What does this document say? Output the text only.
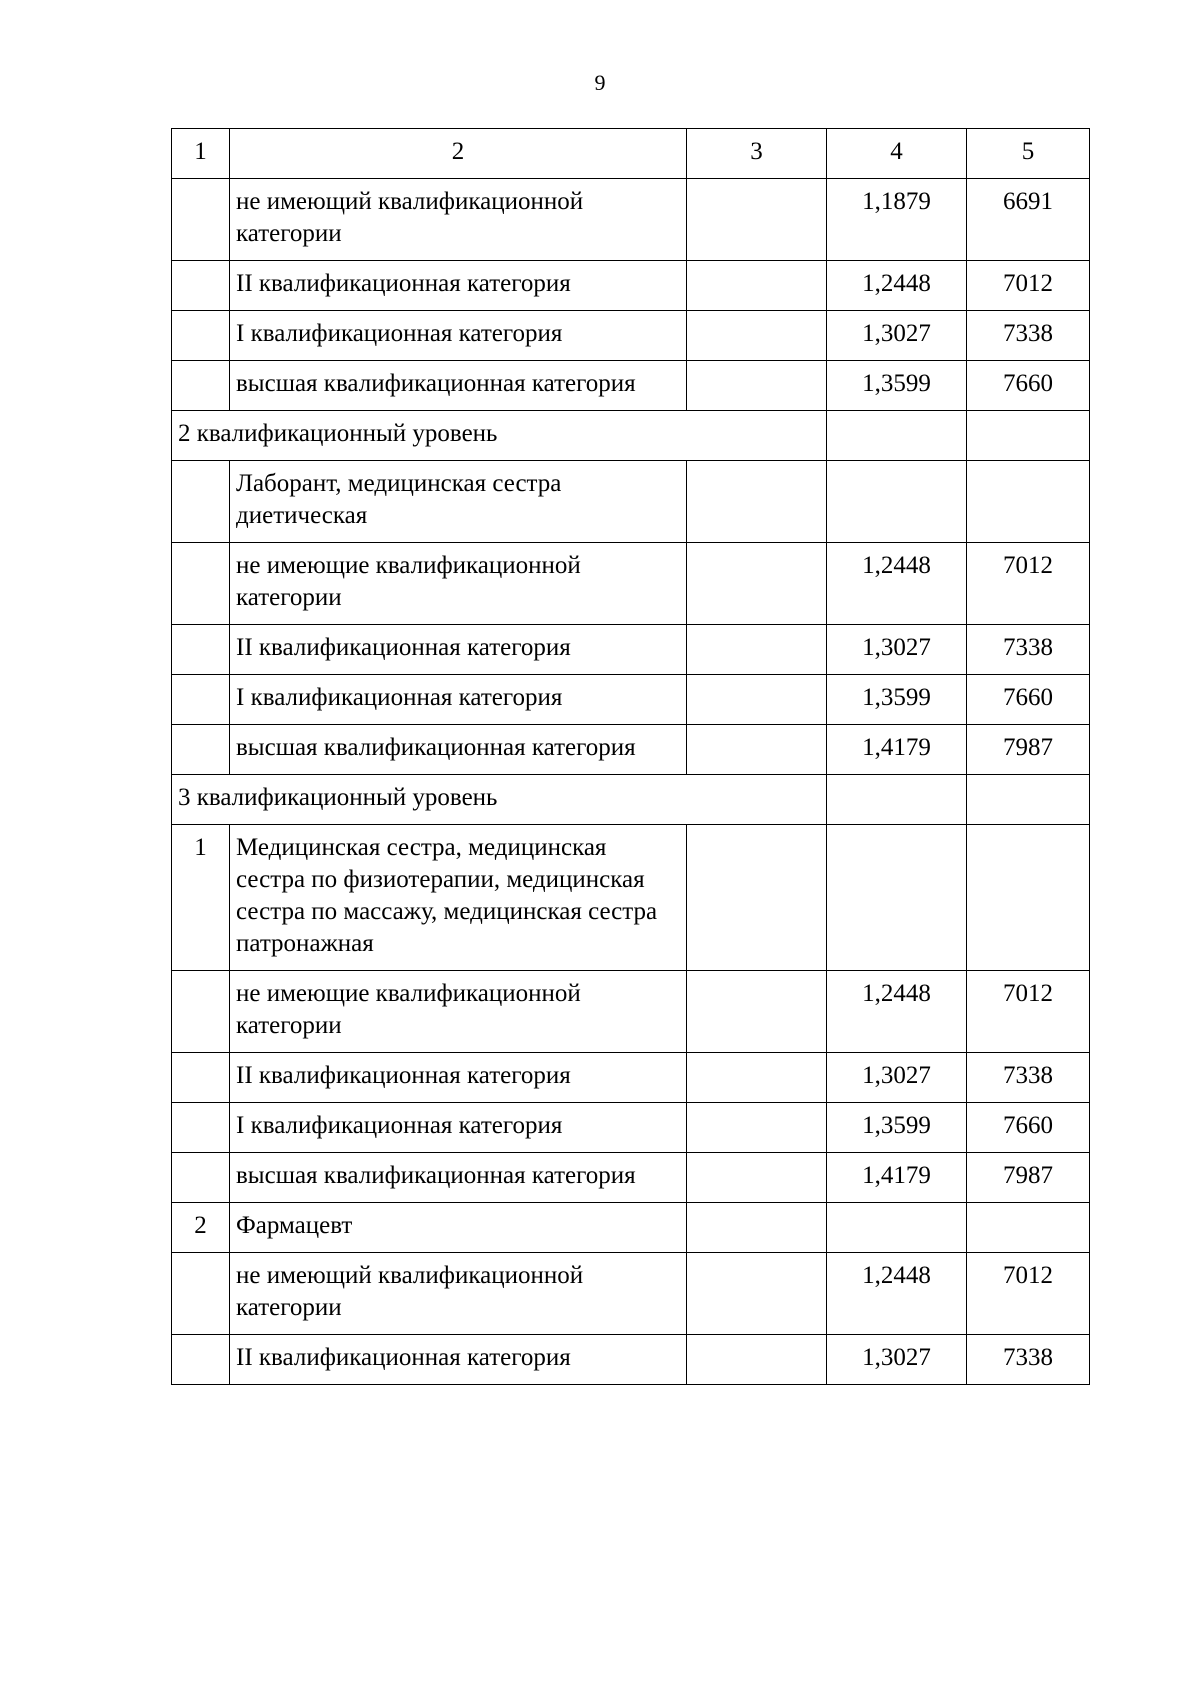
9
1	2	3	4	5
	не имеющий квалификационной категории		1,1879	6691
	II квалификационная категория		1,2448	7012
	I квалификационная категория		1,3027	7338
	высшая квалификационная категория		1,3599	7660
2 квалификационный уровень				
	Лаборант, медицинская сестра диетическая			
	не имеющие квалификационной категории		1,2448	7012
	II квалификационная категория		1,3027	7338
	I квалификационная категория		1,3599	7660
	высшая квалификационная категория		1,4179	7987
3 квалификационный уровень				
1	Медицинская сестра, медицинская сестра по физиотерапии, медицинская сестра по массажу, медицинская сестра патронажная			
	не имеющие квалификационной категории		1,2448	7012
	II квалификационная категория		1,3027	7338
	I квалификационная категория		1,3599	7660
	высшая квалификационная категория		1,4179	7987
2	Фармацевт			
	не имеющий квалификационной категории		1,2448	7012
	II квалификационная категория		1,3027	7338
